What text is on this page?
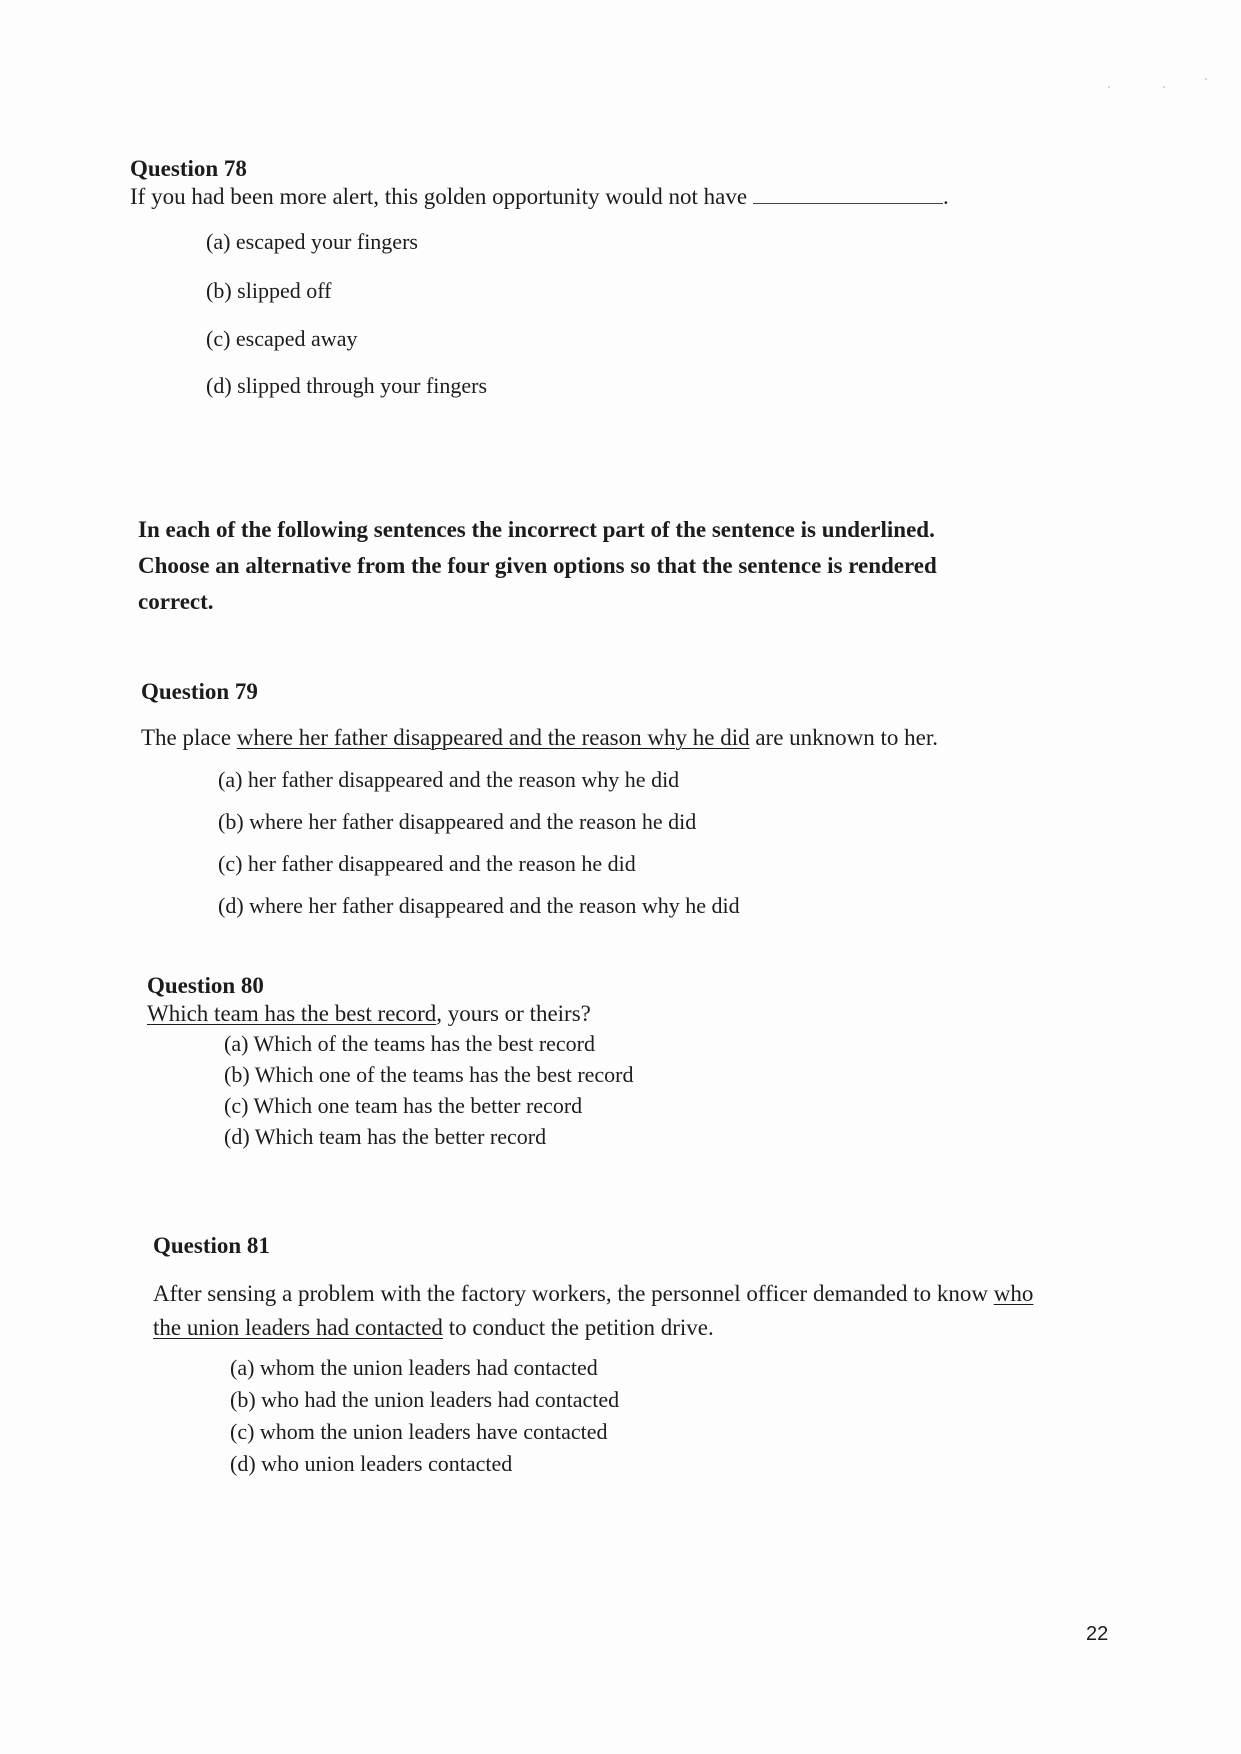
Question 78

If you had been more alert, this golden opportunity would not have	.

(a) escaped your fingers

(b) slipped off

(c) escaped away

(d) slipped through your fingers

In each of the following sentences the incorrect part of the sentence is underlined.

Choose an alternative from the four given options so that the sentence is rendered

correct.

Question 79

The place where her father disappeared and the reason why he did are unknown to her.

(a) her father disappeared and the reason why he did

(b) where her father disappeared and the reason he did

(c) her father disappeared and the reason he did

(d) where her father disappeared and the reason why he did

Question 80

Which team has the best record, yours or theirs?

(a) Which of the teams has the best record

(b) Which one of the teams has the best record

(c) Which one team has the better record

(d) Which team has the better record

Question 81

After sensing a problem with the factory workers, the personnel officer demanded to know who

the union leaders had contacted to conduct the petition drive.

(a) whom the union leaders had contacted

(b) who had the union leaders had contacted

(c) whom the union leaders have contacted

(d) who union leaders contacted

22
